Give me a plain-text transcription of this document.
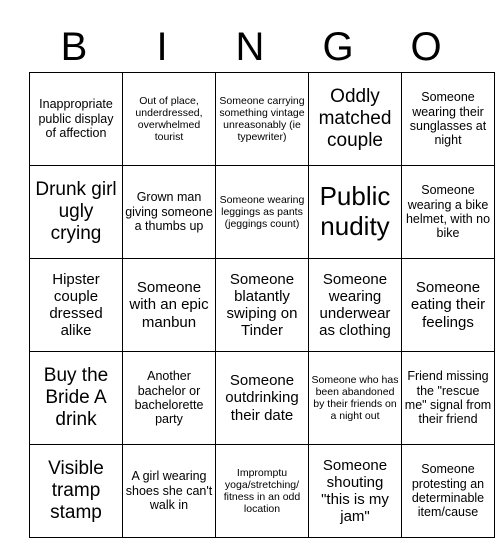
B	I	N	G	O
Inappropriate public display of affection	Out of place, underdressed, overwhelmed tourist	Someone carrying something vintage unreasonably (ie typewriter)	Oddly matched couple	Someone wearing their sunglasses at night
Drunk girl ugly crying	Grown man giving someone a thumbs up	Someone wearing leggings as pants (jeggings count)	Public nudity	Someone wearing a bike helmet, with no bike
Hipster couple dressed alike	Someone with an epic manbun	Someone blatantly swiping on Tinder	Someone wearing underwear as clothing	Someone eating their feelings
Buy the Bride A drink	Another bachelor or bachelorette party	Someone outdrinking their date	Someone who has been abandoned by their friends on a night out	Friend missing the "rescue me" signal from their friend
Visible tramp stamp	A girl wearing shoes she can't walk in	Impromptu yoga/stretching/ fitness in an odd location	Someone shouting "this is my jam"	Someone protesting an determinable item/cause
